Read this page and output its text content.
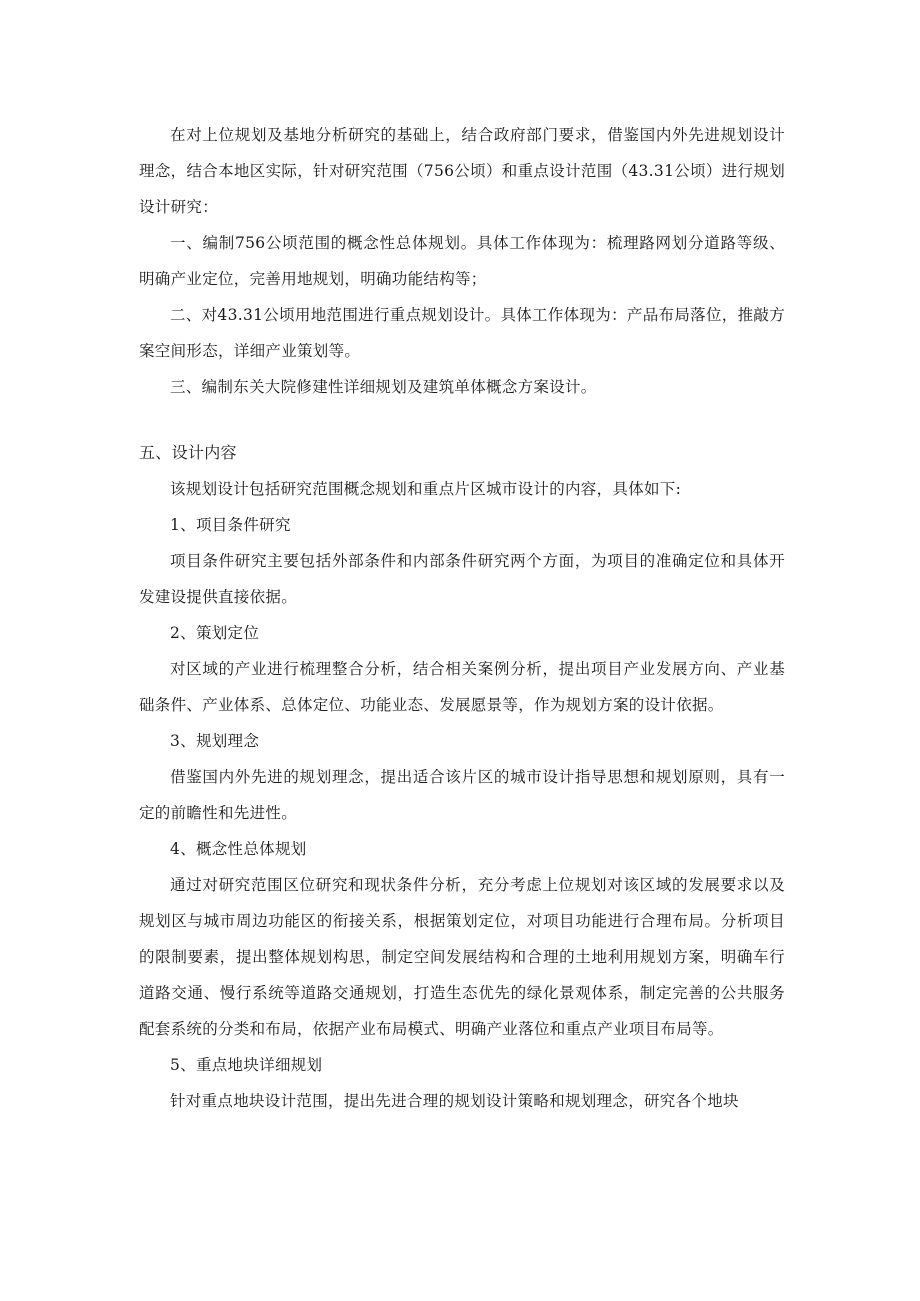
在对上位规划及基地分析研究的基础上，结合政府部门要求，借鉴国内外先进规划设计理念，结合本地区实际，针对研究范围（756公顷）和重点设计范围（43.31公顷）进行规划设计研究：

一、编制756公顷范围的概念性总体规划。具体工作体现为：梳理路网划分道路等级、明确产业定位，完善用地规划，明确功能结构等；

二、对43.31公顷用地范围进行重点规划设计。具体工作体现为：产品布局落位，推敲方案空间形态，详细产业策划等。

三、编制东关大院修建性详细规划及建筑单体概念方案设计。

五、设计内容

该规划设计包括研究范围概念规划和重点片区城市设计的内容，具体如下:

1、项目条件研究

项目条件研究主要包括外部条件和内部条件研究两个方面，为项目的准确定位和具体开发建设提供直接依据。

2、策划定位

对区域的产业进行梳理整合分析，结合相关案例分析，提出项目产业发展方向、产业基础条件、产业体系、总体定位、功能业态、发展愿景等，作为规划方案的设计依据。

3、规划理念

借鉴国内外先进的规划理念，提出适合该片区的城市设计指导思想和规划原则，具有一定的前瞻性和先进性。

4、概念性总体规划

通过对研究范围区位研究和现状条件分析，充分考虑上位规划对该区域的发展要求以及规划区与城市周边功能区的衔接关系，根据策划定位，对项目功能进行合理布局。分析项目的限制要素，提出整体规划构思，制定空间发展结构和合理的土地利用规划方案，明确车行道路交通、慢行系统等道路交通规划，打造生态优先的绿化景观体系，制定完善的公共服务配套系统的分类和布局，依据产业布局模式、明确产业落位和重点产业项目布局等。

5、重点地块详细规划

针对重点地块设计范围，提出先进合理的规划设计策略和规划理念，研究各个地块
